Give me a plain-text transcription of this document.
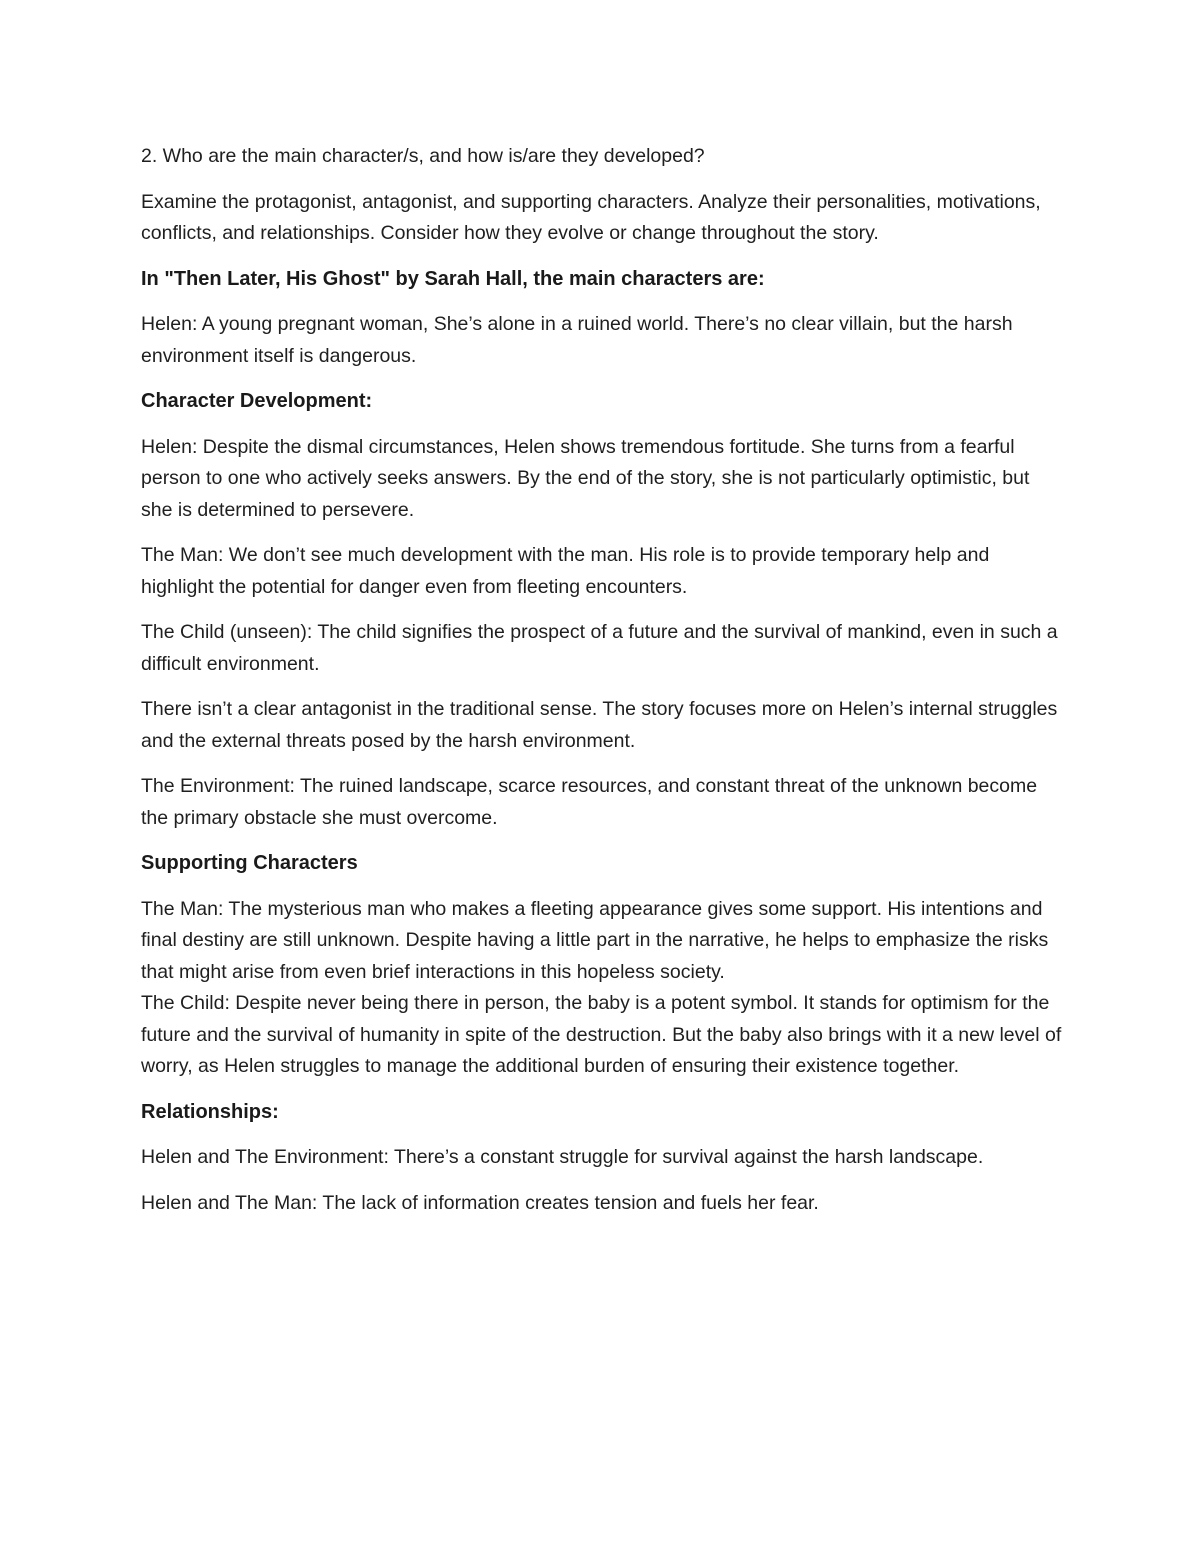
2. Who are the main character/s, and how is/are they developed?

Examine the protagonist, antagonist, and supporting characters. Analyze their personalities, motivations, conflicts, and relationships. Consider how they evolve or change throughout the story.

In "Then Later, His Ghost" by Sarah Hall, the main characters are:

Helen: A young pregnant woman, She’s alone in a ruined world. There’s no clear villain, but the harsh environment itself is dangerous.

Character Development:

Helen: Despite the dismal circumstances, Helen shows tremendous fortitude. She turns from a fearful person to one who actively seeks answers. By the end of the story, she is not particularly optimistic, but she is determined to persevere.

The Man: We don’t see much development with the man. His role is to provide temporary help and highlight the potential for danger even from fleeting encounters.

The Child (unseen): The child signifies the prospect of a future and the survival of mankind, even in such a difficult environment.

There isn’t a clear antagonist in the traditional sense. The story focuses more on Helen’s internal struggles and the external threats posed by the harsh environment.

The Environment: The ruined landscape, scarce resources, and constant threat of the unknown become the primary obstacle she must overcome.

Supporting Characters

The Man: The mysterious man who makes a fleeting appearance gives some support. His intentions and final destiny are still unknown. Despite having a little part in the narrative, he helps to emphasize the risks that might arise from even brief interactions in this hopeless society.

The Child: Despite never being there in person, the baby is a potent symbol. It stands for optimism for the future and the survival of humanity in spite of the destruction. But the baby also brings with it a new level of worry, as Helen struggles to manage the additional burden of ensuring their existence together.

Relationships:

Helen and The Environment: There’s a constant struggle for survival against the harsh landscape.

Helen and The Man: The lack of information creates tension and fuels her fear.
